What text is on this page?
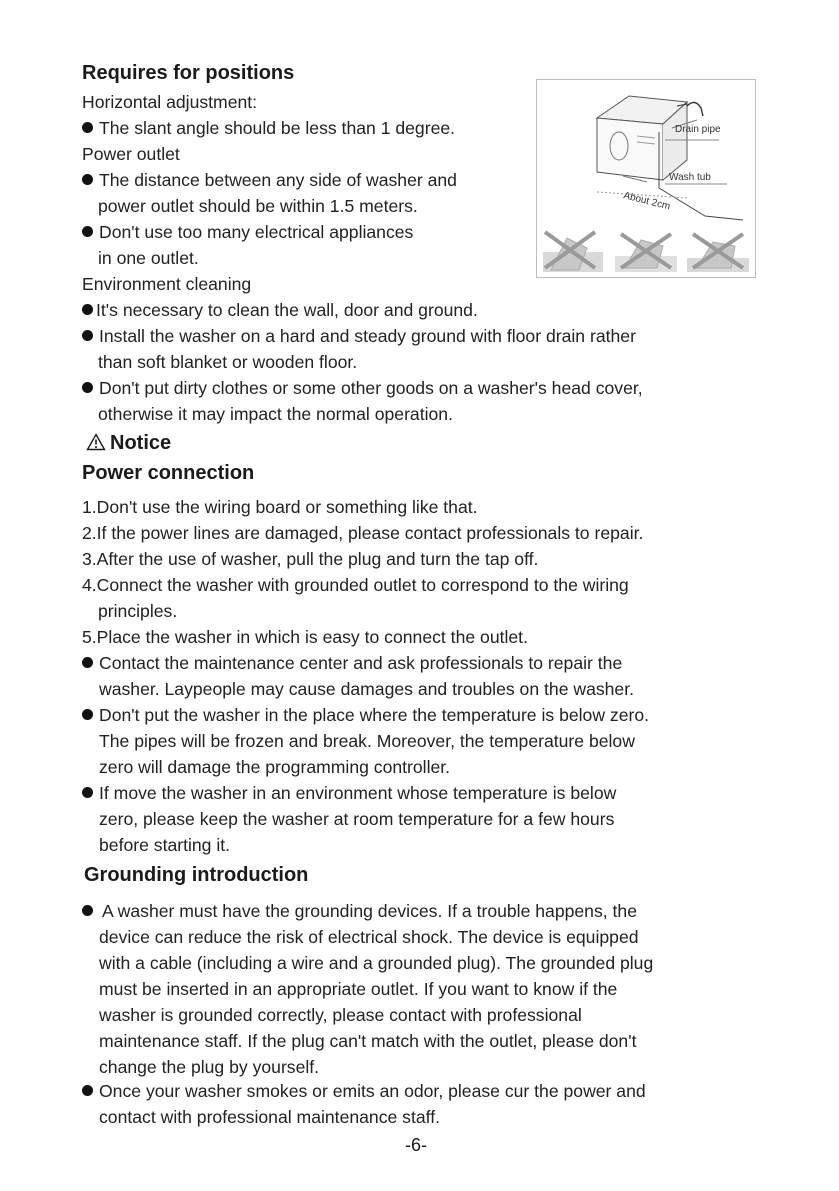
Requires for positions
Horizontal adjustment:
The slant angle should be less than 1 degree.
Power outlet
The distance between any side of washer and
power outlet should be within 1.5 meters.
Don't use too many electrical appliances
in one outlet.
Environment cleaning
It's necessary to clean the wall, door and ground.
Install the washer on a hard and steady ground with floor drain rather
than soft blanket or wooden floor.
Don't put dirty clothes or some other goods on a washer's head cover,
otherwise it may impact the normal operation.
Drain pipe
Wash tub
About 2cm
Notice
Power connection
1.Don't use the wiring board or something like that.
2.If the power lines are damaged, please contact professionals to repair.
3.After the use of washer, pull the plug and turn the tap off.
4.Connect the washer with grounded outlet to correspond to the wiring
principles.
5.Place the washer in which is easy to connect the outlet.
Contact the maintenance center and ask professionals to repair the
washer. Laypeople may cause damages and troubles on the washer.
Don't put the washer in the place where the temperature is below zero.
The pipes will be frozen and break. Moreover, the temperature below
zero will damage the programming controller.
If move the washer in an environment whose temperature is below
zero, please keep the washer at room temperature for a few hours
before starting it.
Grounding introduction
A washer must have the grounding devices. If a trouble happens, the
device can reduce the risk of electrical shock. The device is equipped
with a cable (including a wire and a grounded plug). The grounded plug
must be inserted in an appropriate outlet. If you want to know if the
washer is grounded correctly, please contact with professional
maintenance staff. If the plug can't match with the outlet, please don't
change the plug by yourself.
Once your washer smokes or emits an odor, please cur the power and
contact with professional maintenance staff.
-6-
